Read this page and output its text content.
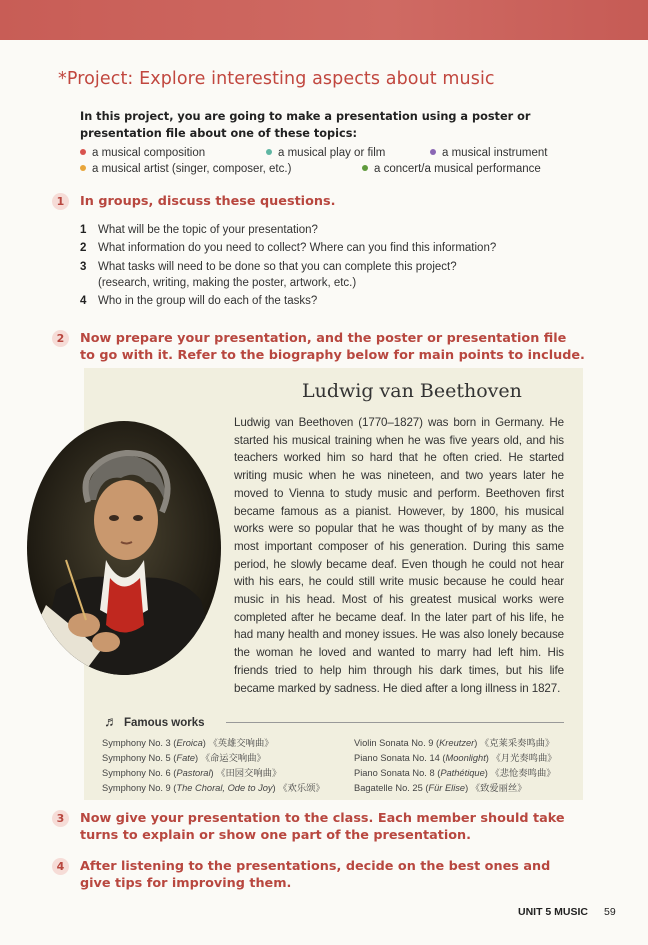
*Project: Explore interesting aspects about music
In this project, you are going to make a presentation using a poster or presentation file about one of these topics:
a musical composition	a musical play or film	a musical instrument
a musical artist (singer, composer, etc.)	a concert/a musical performance
1	In groups, discuss these questions.
1 What will be the topic of your presentation?
2 What information do you need to collect? Where can you find this information?
3 What tasks will need to be done so that you can complete this project? (research, writing, making the poster, artwork, etc.)
4 Who in the group will do each of the tasks?
2	Now prepare your presentation, and the poster or presentation file to go with it. Refer to the biography below for main points to include.
Ludwig van Beethoven
Ludwig van Beethoven (1770–1827) was born in Germany. He started his musical training when he was five years old, and his teachers worked him so hard that he often cried. He started writing music when he was nineteen, and two years later he moved to Vienna to study music and perform. Beethoven first became famous as a pianist. However, by 1800, his musical works were so popular that he was thought of by many as the most important composer of his generation. During this same period, he slowly became deaf. Even though he could not hear with his ears, he could still write music because he could hear music in his head. Most of his greatest musical works were completed after he became deaf. In the later part of his life, he had many health and money issues. He was also lonely because the woman he loved and wanted to marry had left him. His friends tried to help him through his dark times, but his life became marked by sadness. He died after a long illness in 1827.
♬ Famous works
Symphony No. 3 (Eroica) 《英雄交响曲》
Symphony No. 5 (Fate) 《命运交响曲》
Symphony No. 6 (Pastoral) 《田园交响曲》
Symphony No. 9 (The Choral, Ode to Joy) 《欢乐颂》
Violin Sonata No. 9 (Kreutzer) 《克莱采奏鸣曲》
Piano Sonata No. 14 (Moonlight) 《月光奏鸣曲》
Piano Sonata No. 8 (Pathétique) 《悲怆奏鸣曲》
Bagatelle No. 25 (Für Elise) 《致爱丽丝》
3	Now give your presentation to the class. Each member should take turns to explain or show one part of the presentation.
4	After listening to the presentations, decide on the best ones and give tips for improving them.
UNIT 5 MUSIC 59
